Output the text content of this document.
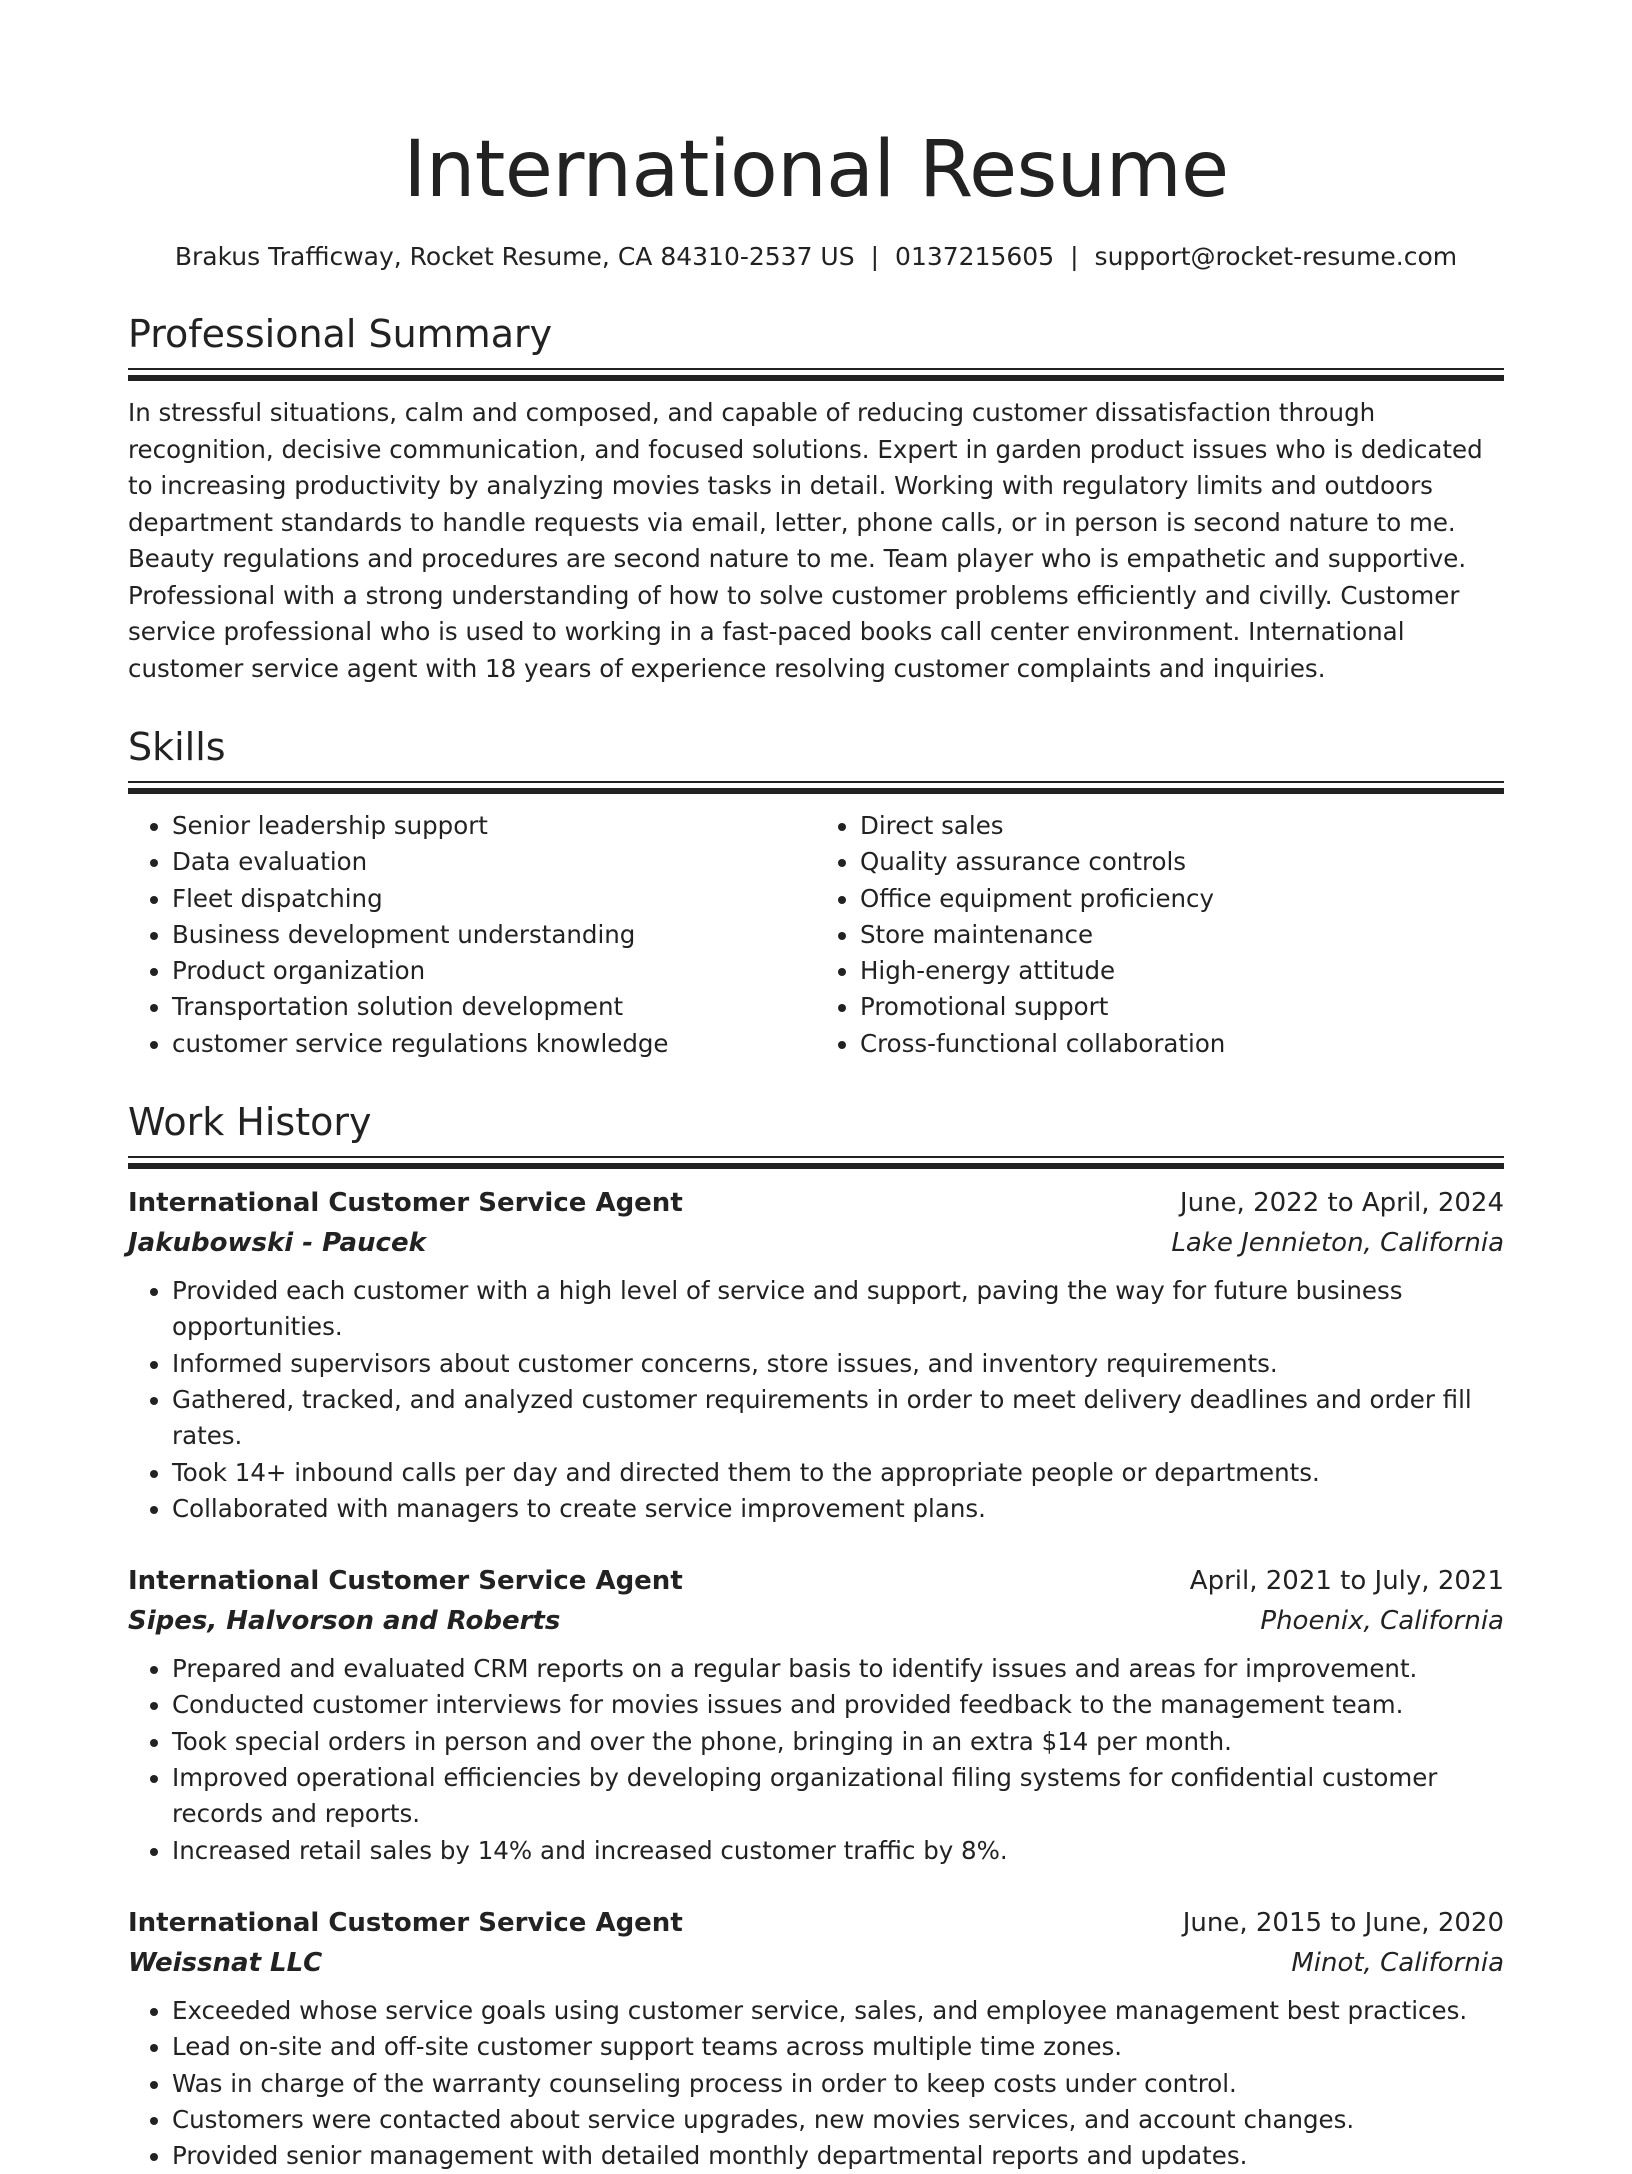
International Resume
Brakus Trafficway, Rocket Resume, CA 84310-2537 US | 0137215605 | support@rocket-resume.com
Professional Summary

In stressful situations, calm and composed, and capable of reducing customer dissatisfaction through recognition, decisive communication, and focused solutions. Expert in garden product issues who is dedicated to increasing productivity by analyzing movies tasks in detail. Working with regulatory limits and outdoors department standards to handle requests via email, letter, phone calls, or in person is second nature to me. Beauty regulations and procedures are second nature to me. Team player who is empathetic and supportive. Professional with a strong understanding of how to solve customer problems efficiently and civilly. Customer service professional who is used to working in a fast-paced books call center environment. International customer service agent with 18 years of experience resolving customer complaints and inquiries.

Skills
• Senior leadership support
• Data evaluation
• Fleet dispatching
• Business development understanding
• Product organization
• Transportation solution development
• customer service regulations knowledge
• Direct sales
• Quality assurance controls
• Office equipment proficiency
• Store maintenance
• High-energy attitude
• Promotional support
• Cross-functional collaboration
Work History
International Customer Service Agent	June, 2022 to April, 2024
Jakubowski - Paucek	Lake Jennieton, California
• Provided each customer with a high level of service and support, paving the way for future business opportunities.
• Informed supervisors about customer concerns, store issues, and inventory requirements.
• Gathered, tracked, and analyzed customer requirements in order to meet delivery deadlines and order fill rates.
• Took 14+ inbound calls per day and directed them to the appropriate people or departments.
• Collaborated with managers to create service improvement plans.
International Customer Service Agent	April, 2021 to July, 2021
Sipes, Halvorson and Roberts	Phoenix, California
• Prepared and evaluated CRM reports on a regular basis to identify issues and areas for improvement.
• Conducted customer interviews for movies issues and provided feedback to the management team.
• Took special orders in person and over the phone, bringing in an extra $14 per month.
• Improved operational efficiencies by developing organizational filing systems for confidential customer records and reports.
• Increased retail sales by 14% and increased customer traffic by 8%.
International Customer Service Agent	June, 2015 to June, 2020
Weissnat LLC	Minot, California
• Exceeded whose service goals using customer service, sales, and employee management best practices.
• Lead on-site and off-site customer support teams across multiple time zones.
• Was in charge of the warranty counseling process in order to keep costs under control.
• Customers were contacted about service upgrades, new movies services, and account changes.
• Provided senior management with detailed monthly departmental reports and updates.
